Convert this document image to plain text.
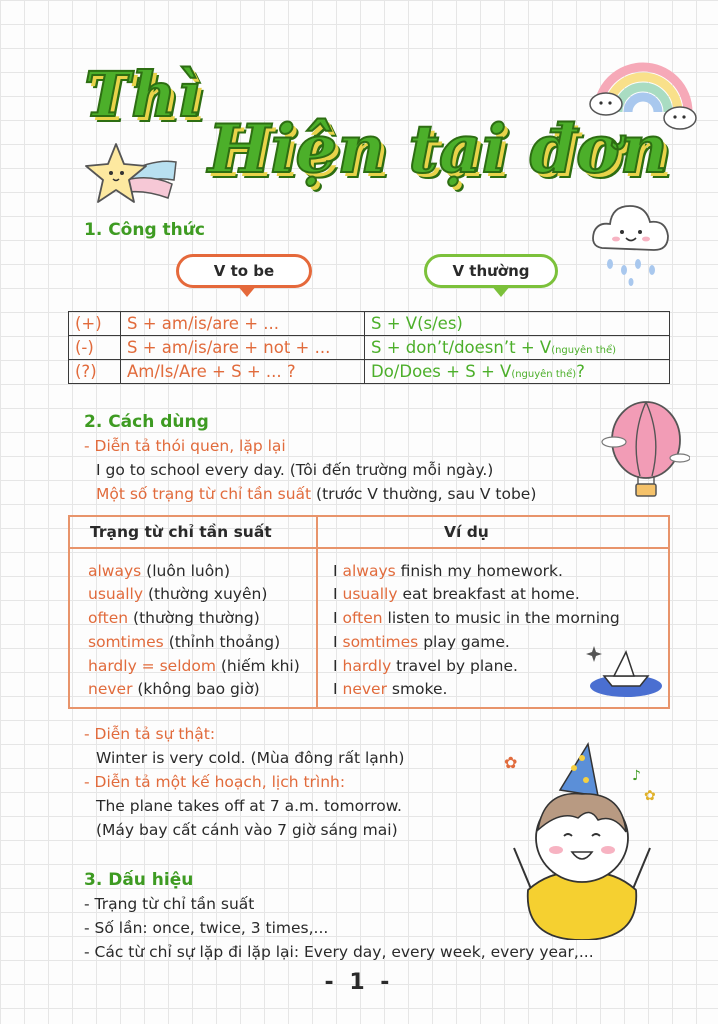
✿
♪
✿
Thì
Hiện tại đơn
1. Công thức
V to be	V thường
(+)	S + am/is/are + ...	S + V(s/es)
(-)	S + am/is/are + not + ...	S + don’t/doesn’t + V(nguyên thể)
(?)	Am/Is/Are + S + ... ?	Do/Does + S + V(nguyên thể)?
2. Cách dùng
- Diễn tả thói quen, lặp lại
I go to school every day. (Tôi đến trường mỗi ngày.)
Một số trạng từ chỉ tần suất (trước V thường, sau V tobe)
Trạng từ chỉ tần suất	Ví dụ
always (luôn luôn)	I always finish my homework.
usually (thường xuyên)	I usually eat breakfast at home.
often (thường thường)	I often listen to music in the morning
somtimes (thỉnh thoảng)	I somtimes play game.
hardly = seldom (hiếm khi)	I hardly travel by plane.
never (không bao giờ)	I never smoke.
- Diễn tả sự thật:
Winter is very cold. (Mùa đông rất lạnh)
- Diễn tả một kế hoạch, lịch trình:
The plane takes off at 7 a.m. tomorrow.
(Máy bay cất cánh vào 7 giờ sáng mai)
3. Dấu hiệu
- Trạng từ chỉ tần suất
- Số lần: once, twice, 3 times,...
- Các từ chỉ sự lặp đi lặp lại: Every day, every week, every year,...
- 1 -
